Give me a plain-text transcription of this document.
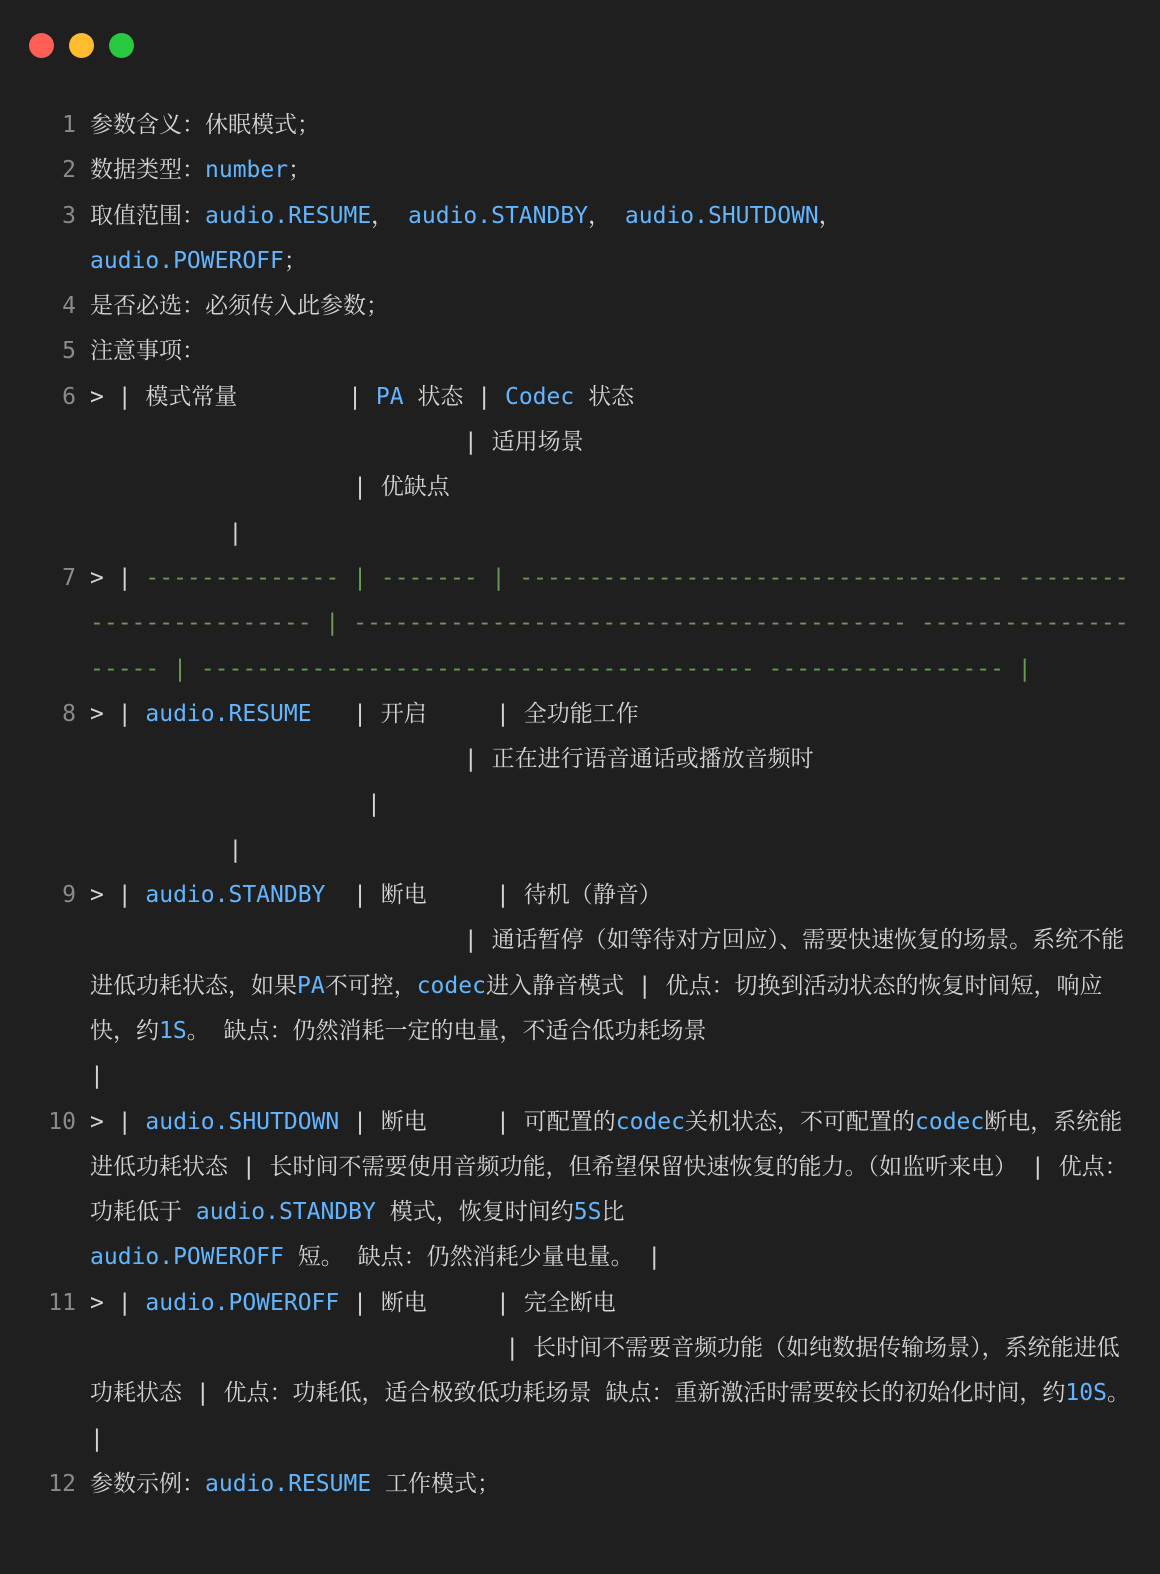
1 参数含义：休眠模式；
2 数据类型：number；
3 取值范围：audio.RESUME， audio.STANDBY， audio.SHUTDOWN，
audio.POWEROFF；
4 是否必选：必须传入此参数；
5 注意事项：
6 > | 模式常量        | PA 状态 | Codec 状态
| 适用场景
| 优缺点
|
7 > | -------------- | ------- | ----------------------------------- ------------------------ | ---------------------------------------- -------------------- | ---------------------------------------- ----------------- |
8 > | audio.RESUME   | 开启     | 全功能工作
| 正在进行语音通话或播放音频时
|
|
9 > | audio.STANDBY  | 断电     | 待机（静音）
| 通话暂停（如等待对方回应）、需要快速恢复的场景。系统不能进低功耗状态，如果PA不可控，codec进入静音模式 | 优点：切换到活动状态的恢复时间短，响应快，约1S。 缺点：仍然消耗一定的电量，不适合低功耗场景
|
10 > | audio.SHUTDOWN | 断电     | 可配置的codec关机状态，不可配置的codec断电，系统能进低功耗状态 | 长时间不需要使用音频功能，但希望保留快速恢复的能力。（如监听来电） | 优点：功耗低于 audio.STANDBY 模式，恢复时间约5S比
audio.POWEROFF 短。 缺点：仍然消耗少量电量。 |
11 > | audio.POWEROFF | 断电     | 完全断电
| 长时间不需要音频功能（如纯数据传输场景），系统能进低功耗状态 | 优点：功耗低，适合极致低功耗场景 缺点：重新激活时需要较长的初始化时间，约10S。 |
12 参数示例：audio.RESUME 工作模式；
